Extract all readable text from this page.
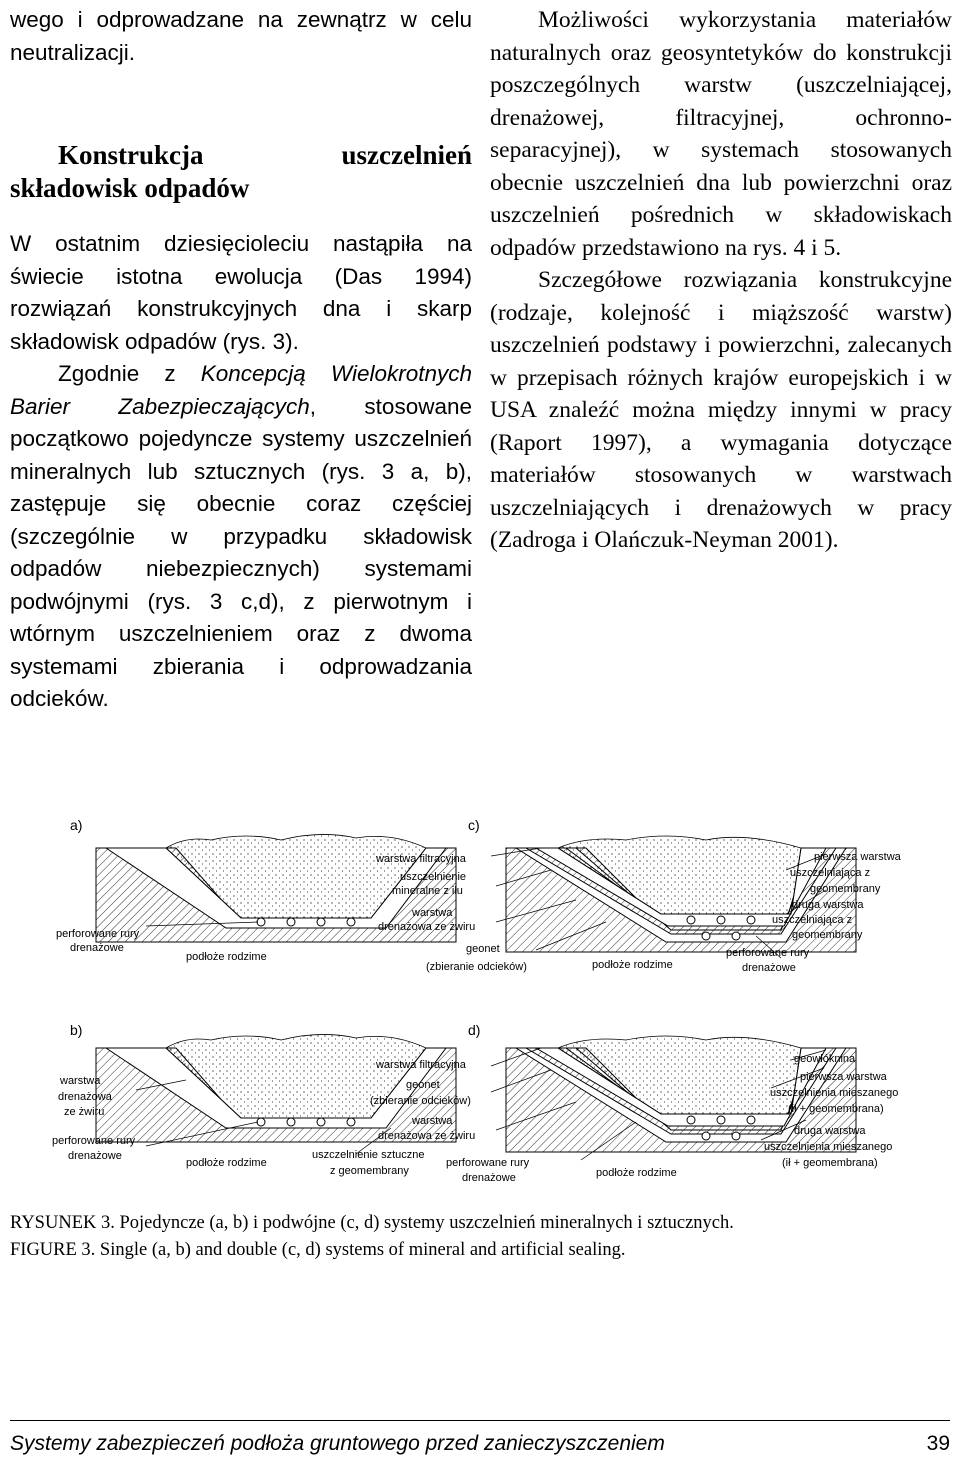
wego i odprowadzane na zewnątrz w celu neutralizacji.

Konstrukcja uszczelnień składowisk odpadów

W ostatnim dziesięcioleciu nastąpiła na świecie istotna ewolucja (Das 1994) rozwiązań konstrukcyjnych dna i skarp składowisk odpadów (rys. 3).

Zgodnie z Koncepcją Wielokrotnych Barier Zabezpieczających, stosowane początkowo pojedyncze systemy uszczelnień mineralnych lub sztucznych (rys. 3 a, b), zastępuje się obecnie coraz częściej (szczególnie w przypadku składowisk odpadów niebezpiecznych) systemami podwójnymi (rys. 3 c,d), z pierwotnym i wtórnym uszczelnieniem oraz z dwoma systemami zbierania i odprowadzania odcieków.

Możliwości wykorzystania materiałów naturalnych oraz geosyntetyków do konstrukcji poszczególnych warstw (uszczelniającej, drenażowej, filtracyjnej, ochronno-separacyjnej), w systemach stosowanych obecnie uszczelnień dna lub powierzchni oraz uszczelnień pośrednich w składowiskach odpadów przedstawiono na rys. 4 i 5.

Szczegółowe rozwiązania konstrukcyjne (rodzaje, kolejność i miąższość warstw) uszczelnień podstawy i powierzchni, zalecanych w przepisach różnych krajów europejskich i w USA znaleźć można między innymi w pracy (Raport 1997), a wymagania dotyczące materiałów stosowanych w warstwach uszczelniających i drenażowych w pracy (Zadroga i Olańczuk-Neyman 2001).

a)
perforowane rury
drenażowe
podłoże rodzime
c)
warstwa filtracyjna
uszczelnienie
mineralne z iłu
warstwa
drenażowa ze żwiru
geonet
(zbieranie odcieków)	podłoże rodzime
pierwsza warstwa
uszczelniająca z
geomembrany
druga warstwa
uszczelniająca z
geomembrany
perforowane rury
drenażowe
b)
warstwa
drenażowa
ze żwiru
perforowane rury
drenażowe
podłoże rodzime
uszczelnienie sztuczne
z geomembrany
d)
warstwa filtracyjna
geonet
(zbieranie odcieków)
warstwa
drenażowa ze żwiru
perforowane rury
drenażowe	podłoże rodzime
geowłóknina
pierwsza warstwa
uszczelnienia mieszanego
(ił + geomembrana)
druga warstwa
uszczelnienia mieszanego
(ił + geomembrana)
RYSUNEK 3. Pojedyncze (a, b) i podwójne (c, d) systemy uszczelnień mineralnych i sztucznych.
FIGURE 3. Single (a, b) and double (c, d) systems of mineral and artificial sealing.
Systemy zabezpieczeń podłoża gruntowego przed zanieczyszczeniem	39
